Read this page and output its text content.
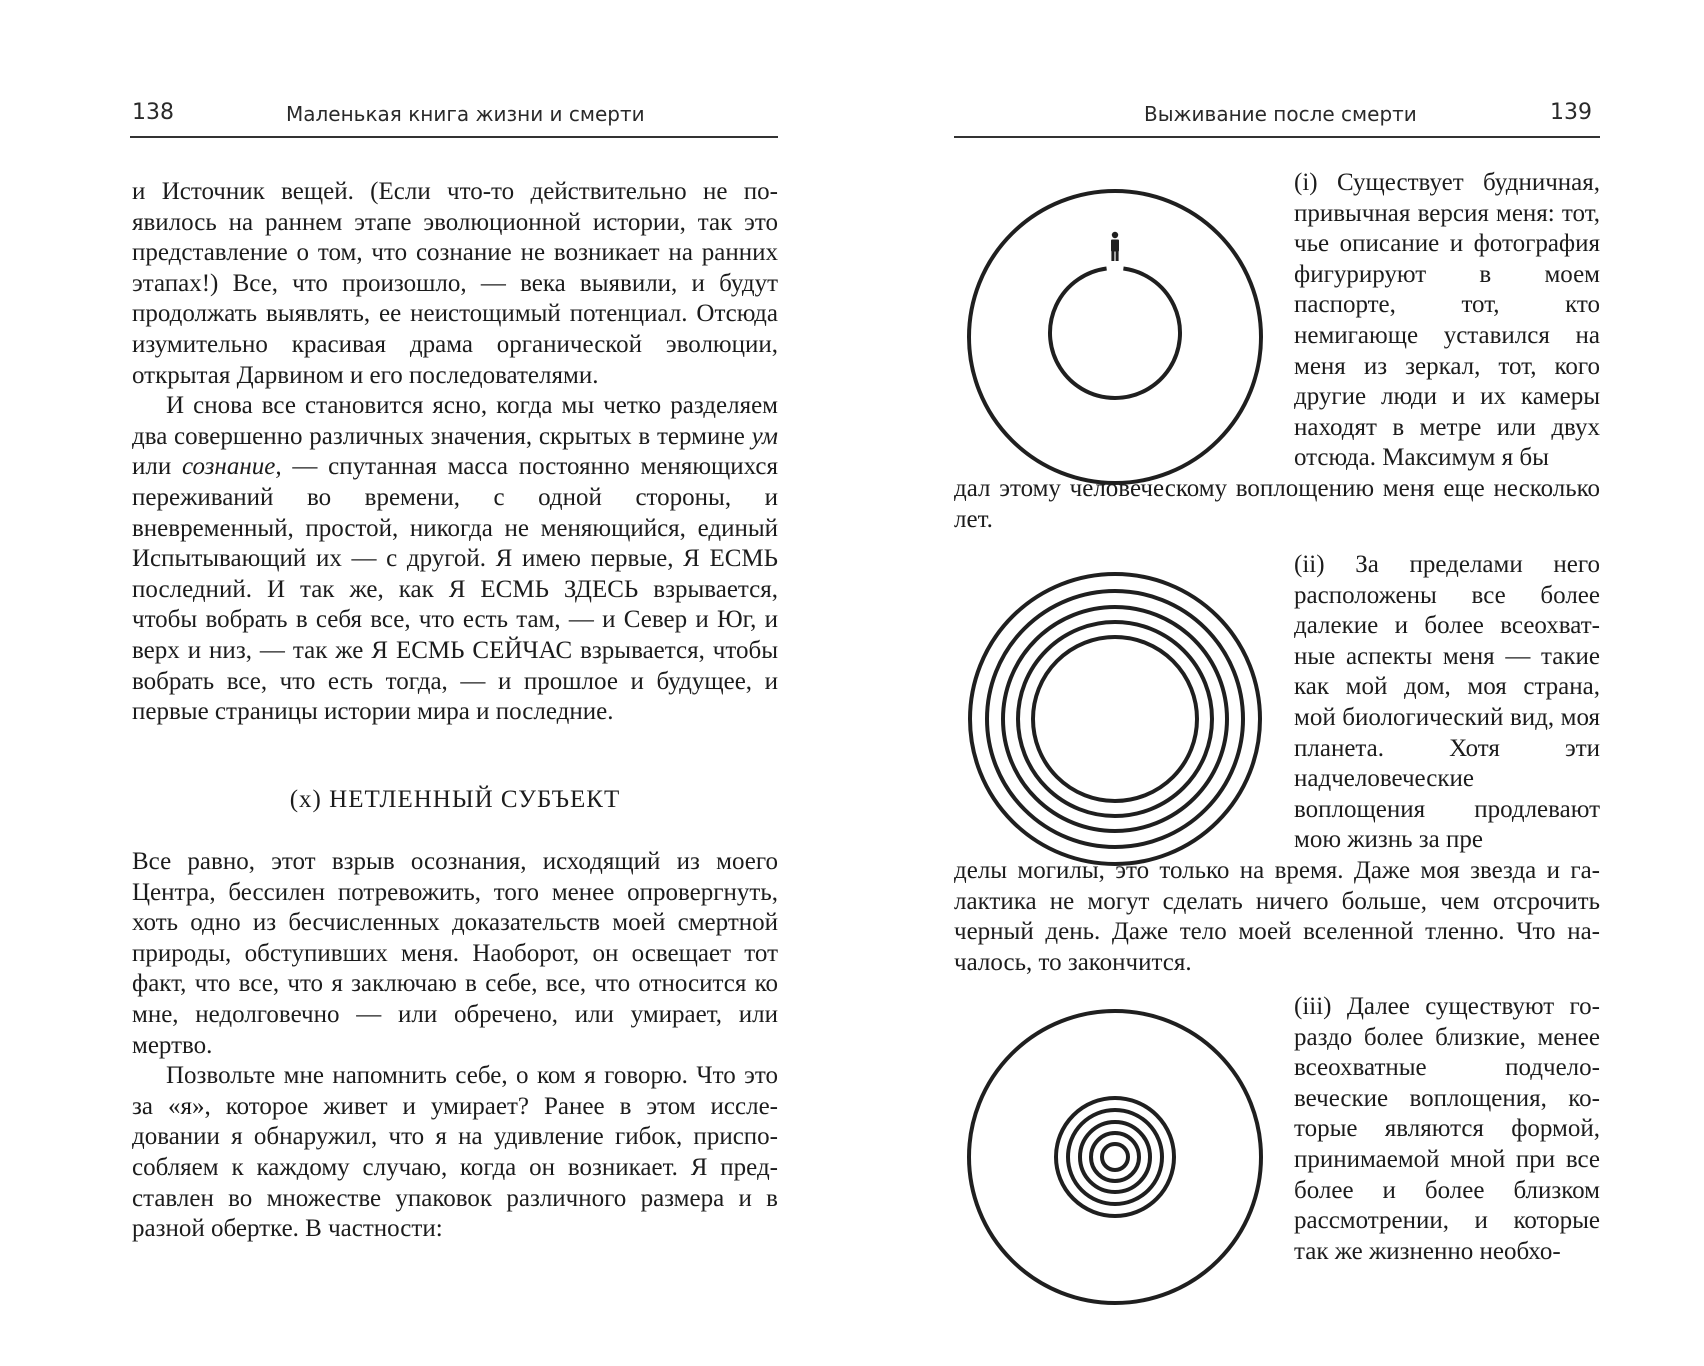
138	Маленькая книга жизни и смерти

и Источник вещей. (Если что-то действительно не появилось на раннем этапе эволюционной истории, так это представление о том, что сознание не возникает на ранних этапах!) Все, что произошло, — века выявили, и будут продолжать выявлять, ее неистощимый потенциал. Отсюда изумительно красивая драма органической эволюции, открытая Дарвином и его последователями.

И снова все становится ясно, когда мы четко разделяем два совершенно различных значения, скрытых в термине ум или сознание, — спутанная масса постоянно меняющихся переживаний во времени, с одной стороны, и вневременный, простой, никогда не меняющийся, единый Испытывающий их — с другой. Я имею первые, Я ЕСМЬ последний. И так же, как Я ЕСМЬ ЗДЕСЬ взрывается, чтобы вобрать в себя все, что есть там, — и Север и Юг, и верх и низ, — так же Я ЕСМЬ СЕЙЧАС взрывается, чтобы вобрать все, что есть тогда, — и прошлое и будущее, и первые страницы истории мира и последние.

(x) НЕТЛЕННЫЙ СУБЪЕКТ

Все равно, этот взрыв осознания, исходящий из моего Центра, бессилен потревожить, того менее опровергнуть, хоть одно из бесчисленных доказательств моей смертной природы, обступивших меня. Наоборот, он освещает тот факт, что все, что я заключаю в себе, все, что относится ко мне, недолговечно — или обречено, или умирает, или мертво.

Позвольте мне напомнить себе, о ком я говорю. Что это за «я», которое живет и умирает? Ранее в этом исследовании я обнаружил, что я на удивление гибок, приспособляем к каждому случаю, когда он возникает. Я представлен во множестве упаковок различного размера и в разной обертке. В частности:

Выживание после смерти	139
(i) Существует будничная, привычная версия меня: тот, чье описание и фотография фигурируют в моем паспорте, тот, кто немигающе уставился на меня из зеркал, тот, кого другие люди и их камеры находят в метре или двух отсюда. Максимум я бы
дал этому человеческому воплощению меня еще несколько лет.
(ii) За пределами него расположены все более далекие и более всеохватные аспекты меня — такие как мой дом, моя страна, мой биологический вид, моя планета. Хотя эти надчеловеческие воплощения продлевают мою жизнь за пре
делы могилы, это только на время. Даже моя звезда и галактика не могут сделать ничего больше, чем отсрочить черный день. Даже тело моей вселенной тленно. Что началось, то закончится.
(iii) Далее существуют гораздо более близкие, менее всеохватные подчеловеческие воплощения, которые являются формой, принимаемой мной при все более и более близком рассмотрении, и которые так же жизненно необхо-
